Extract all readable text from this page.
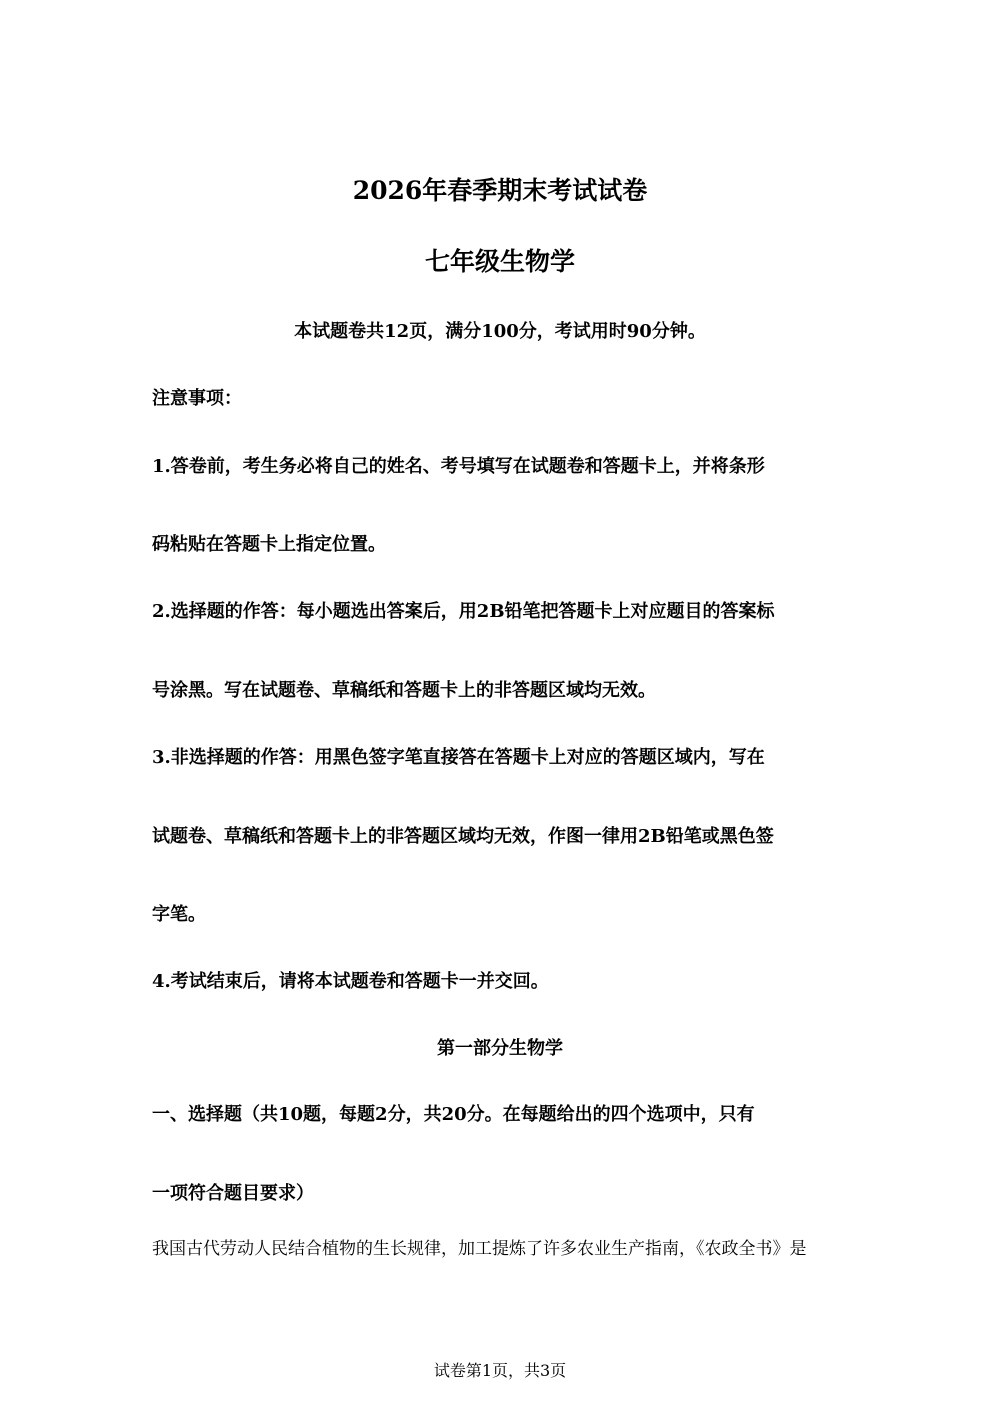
2026年春季期末考试试卷
七年级生物学
本试题卷共12页，满分100分，考试用时90分钟。
注意事项：
1.答卷前，考生务必将自己的姓名、考号填写在试题卷和答题卡上，并将条形
码粘贴在答题卡上指定位置。
2.选择题的作答：每小题选出答案后，用2B铅笔把答题卡上对应题目的答案标
号涂黑。写在试题卷、草稿纸和答题卡上的非答题区域均无效。
3.非选择题的作答：用黑色签字笔直接答在答题卡上对应的答题区域内，写在
试题卷、草稿纸和答题卡上的非答题区域均无效，作图一律用2B铅笔或黑色签
字笔。
4.考试结束后，请将本试题卷和答题卡一并交回。
第一部分生物学
一、选择题（共10题，每题2分，共20分。在每题给出的四个选项中，只有
一项符合题目要求）
我国古代劳动人民结合植物的生长规律，加工提炼了许多农业生产指南，《农政全书》是
试卷第1页，共3页
